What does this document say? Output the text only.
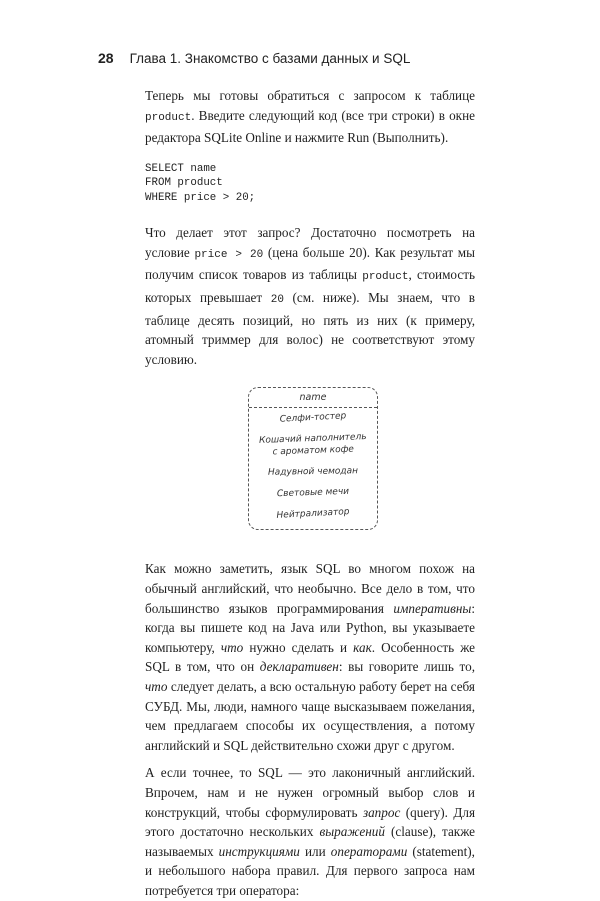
28 Глава 1. Знакомство с базами данных и SQL

Теперь мы готовы обратиться с запросом к таблице product. Введите следующий код (все три строки) в окне редактора SQLite Online и нажмите Run (Выполнить).

SELECT name
FROM product
WHERE price > 20;

Что делает этот запрос? Достаточно посмотреть на условие price > 20 (цена больше 20). Как результат мы получим список товаров из таблицы product, стоимость которых превышает 20 (см. ниже). Мы знаем, что в таблице десять позиций, но пять из них (к примеру, атомный триммер для волос) не соответствуют этому условию.

name
Селфи-тостер
Кошачий наполнитель
с ароматом кофе
Надувной чемодан
Световые мечи
Нейтрализатор

Как можно заметить, язык SQL во многом похож на обычный английский, что необычно. Все дело в том, что большинство языков программирования императивны: когда вы пишете код на Java или Python, вы указываете компьютеру, что нужно сделать и как. Особенность же SQL в том, что он декларативен: вы говорите лишь то, что следует делать, а всю остальную работу берет на себя СУБД. Мы, люди, намного чаще высказываем пожелания, чем предлагаем способы их осуществления, а потому английский и SQL действительно схожи друг с другом.

А если точнее, то SQL — это лаконичный английский. Впрочем, нам и не нужен огромный выбор слов и конструкций, чтобы сформулировать запрос (query). Для этого достаточно нескольких выражений (clause), также называемых инструкциями или операторами (statement), и небольшого набора правил. Для первого запроса нам потребуется три оператора:
